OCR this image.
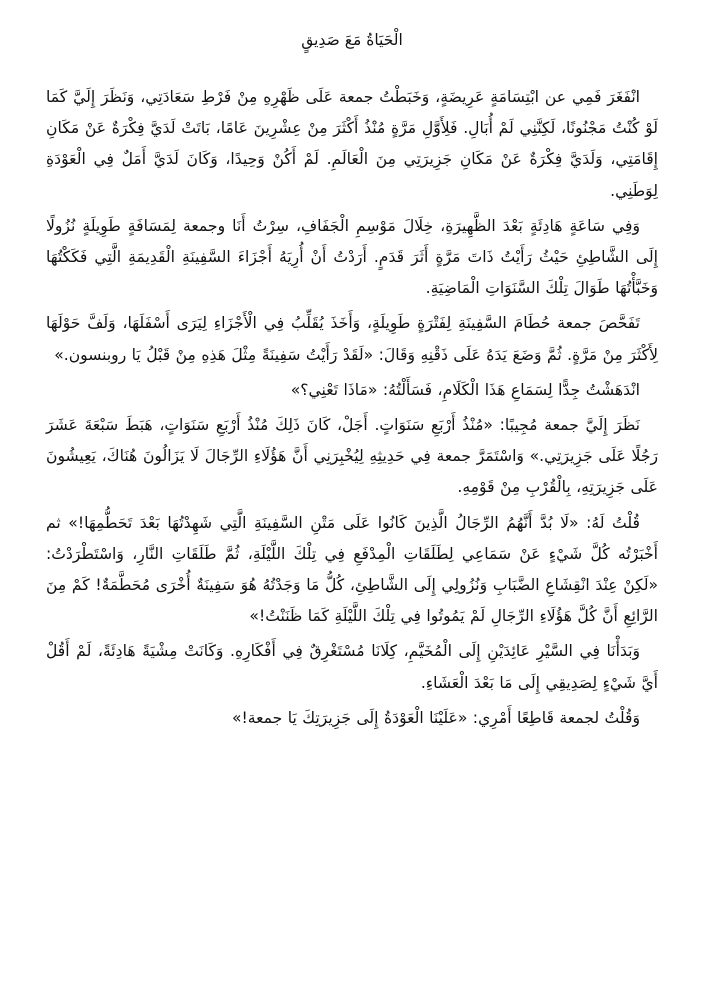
الْحَيَاةُ مَعَ صَدِيقٍ

انْفَغَرَ فَمِي عن ابْتِسَامَةٍ عَرِيضَةٍ، وَخَبَطْتُ جمعة عَلَى ظَهْرِهِ مِنْ فَرْطِ سَعَادَتِي، وَنَظَرَ إِلَيَّ كَمَا لَوْ كُنْتُ مَجْنُونًا، لَكِنَّنِي لَمْ أُبَالِ. فَلِأَوَّلِ مَرَّةٍ مُنْذُ أَكْثَرَ مِنْ عِشْرِينَ عَامًا، بَاتَتْ لَدَيَّ فِكْرَةٌ عَنْ مَكَانِ إِقَامَتِي، وَلَدَيَّ فِكْرَةٌ عَنْ مَكَانِ جَزِيرَتِي مِنَ الْعَالَمِ. لَمْ أَكُنْ وَحِيدًا، وَكَانَ لَدَيَّ أَمَلٌ فِي الْعَوْدَةِ لِوَطَنِي.

وَفِي سَاعَةٍ هَادِئَةٍ بَعْدَ الظَّهِيرَةِ، خِلَالَ مَوْسِمِ الْجَفَافِ، سِرْتُ أَنَا وجمعة لِمَسَافَةٍ طَوِيلَةٍ نُزُولًا إِلَى الشَّاطِئِ حَيْثُ رَأَيْتُ ذَاتَ مَرَّةٍ أَثَرَ قَدَمٍ. أَرَدْتُ أَنْ أُرِيَهُ أَجْزَاءَ السَّفِينَةِ الْقَدِيمَةِ الَّتِي فَكَكْتُهَا وَخَبَّأْتُهَا طَوَالَ تِلْكَ السَّنَوَاتِ الْمَاضِيَةِ.

تَفَحَّصَ جمعة حُطَامَ السَّفِينَةِ لِفَتْرَةٍ طَوِيلَةٍ، وَأَخَذَ يُقَلِّبُ فِي الْأَجْزَاءِ لِيَرَى أَسْفَلَهَا، وَلَفَّ حَوْلَهَا لِأَكْثَرَ مِنْ مَرَّةٍ. ثُمَّ وَضَعَ يَدَهُ عَلَى ذَقْنِهِ وَقَالَ: «لَقَدْ رَأَيْتُ سَفِينَةً مِثْلَ هَذِهِ مِنْ قَبْلُ يَا روبنسون.»

انْدَهَشْتُ جِدًّا لِسَمَاعِ هَذَا الْكَلَامِ، فَسَأَلْتُهُ: «مَاذَا تَعْنِي؟»

نَظَرَ إِلَيَّ جمعة مُجِيبًا: «مُنْذُ أَرْبَعِ سَنَوَاتٍ. أَجَلْ، كَانَ ذَلِكَ مُنْذُ أَرْبَعِ سَنَوَاتٍ، هَبَطَ سَبْعَةَ عَشَرَ رَجُلًا عَلَى جَزِيرَتِي.» وَاسْتَمَرَّ جمعة فِي حَدِيثِهِ لِيُخْبِرَنِي أَنَّ هَؤُلَاءِ الرِّجَالَ لَا يَزَالُونَ هُنَاكَ، يَعِيشُونَ عَلَى جَزِيرَتِهِ، بِالْقُرْبِ مِنْ قَوْمِهِ.

قُلْتُ لَهُ: «لَا بُدَّ أَنَّهُمُ الرِّجَالُ الَّذِينَ كَانُوا عَلَى مَتْنِ السَّفِينَةِ الَّتِي شَهِدْتُهَا بَعْدَ تَحَطُّمِهَا!» ثم أَخْبَرْتُه كُلَّ شَيْءٍ عَنْ سَمَاعِي لِطَلَقَاتِ الْمِدْفَعِ فِي تِلْكَ اللَّيْلَةِ، ثُمَّ طَلَقَاتِ النَّارِ، وَاسْتَطْرَدْتُ: «لَكِنْ عِنْدَ انْقِشَاعِ الضَّبَابِ وَنُزُولِي إِلَى الشَّاطِئِ، كُلُّ مَا وَجَدْتُهُ هُوَ سَفِينَةٌ أُخْرَى مُحَطَّمَةٌ! كَمْ مِنَ الرَّائِعِ أَنَّ كُلَّ هَؤُلَاءِ الرِّجَالِ لَمْ يَمُوتُوا فِي تِلْكَ اللَّيْلَةِ كَمَا ظَنَنْتُ!»

وَبَدَأْنَا فِي السَّيْرِ عَائِدَيْنِ إِلَى الْمُخَيَّمِ، كِلَانَا مُسْتَغْرِقٌ فِي أَفْكَارِهِ. وَكَانَتْ مِشْيَةً هَادِئَةً، لَمْ أَقُلْ أَيَّ شَيْءٍ لِصَدِيقِي إِلَى مَا بَعْدَ الْعَشَاءِ.

وَقُلْتُ لجمعة قَاطِعًا أَمْرِي: «عَلَيْنَا الْعَوْدَةُ إِلَى جَزِيرَتِكَ يَا جمعة!»
